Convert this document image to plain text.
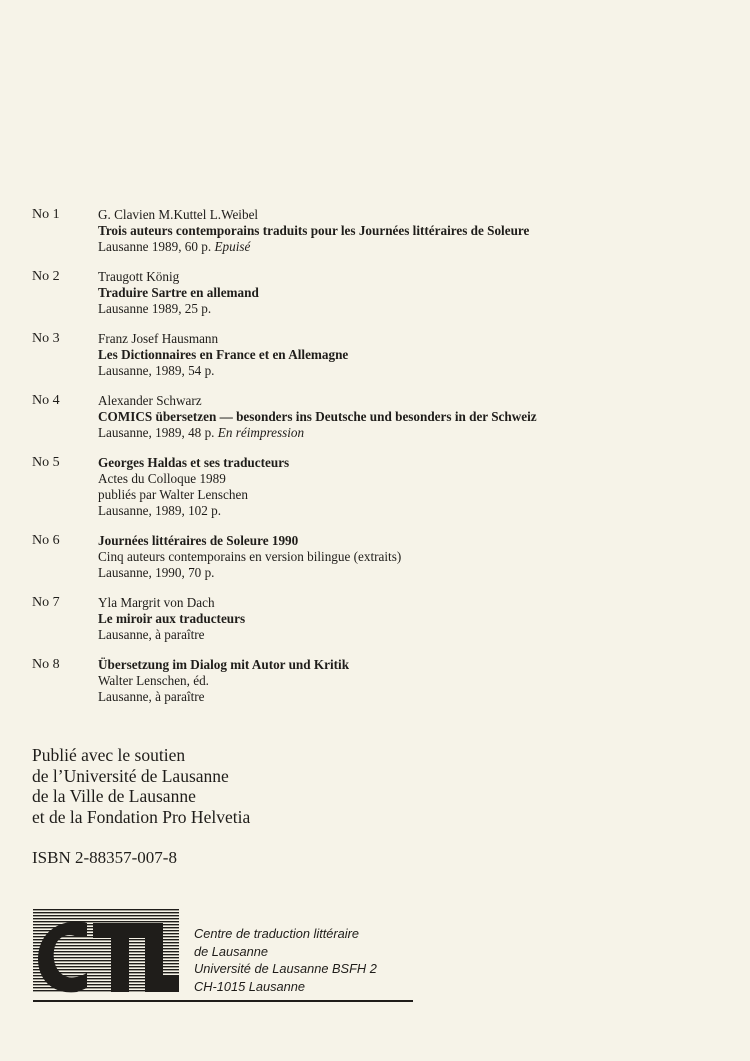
No 1	G. Clavien M.Kuttel L.Weibel
Trois auteurs contemporains traduits pour les Journées littéraires de Soleure
Lausanne 1989, 60 p. Epuisé
No 2	Traugott König
Traduire Sartre en allemand
Lausanne 1989, 25 p.
No 3	Franz Josef Hausmann
Les Dictionnaires en France et en Allemagne
Lausanne, 1989, 54 p.
No 4	Alexander Schwarz
COMICS übersetzen — besonders ins Deutsche und besonders in der Schweiz
Lausanne, 1989, 48 p. En réimpression
No 5	Georges Haldas et ses traducteurs
Actes du Colloque 1989
publiés par Walter Lenschen
Lausanne, 1989, 102 p.
No 6	Journées littéraires de Soleure 1990
Cinq auteurs contemporains en version bilingue (extraits)
Lausanne, 1990, 70 p.
No 7	Yla Margrit von Dach
Le miroir aux traducteurs
Lausanne, à paraître
No 8	Übersetzung im Dialog mit Autor und Kritik
Walter Lenschen, éd.
Lausanne, à paraître
Publié avec le soutien
de l’Université de Lausanne
de la Ville de Lausanne
et de la Fondation Pro Helvetia
ISBN 2-88357-007-8
Centre de traduction littéraire
de Lausanne
Université de Lausanne BSFH 2
CH-1015 Lausanne
